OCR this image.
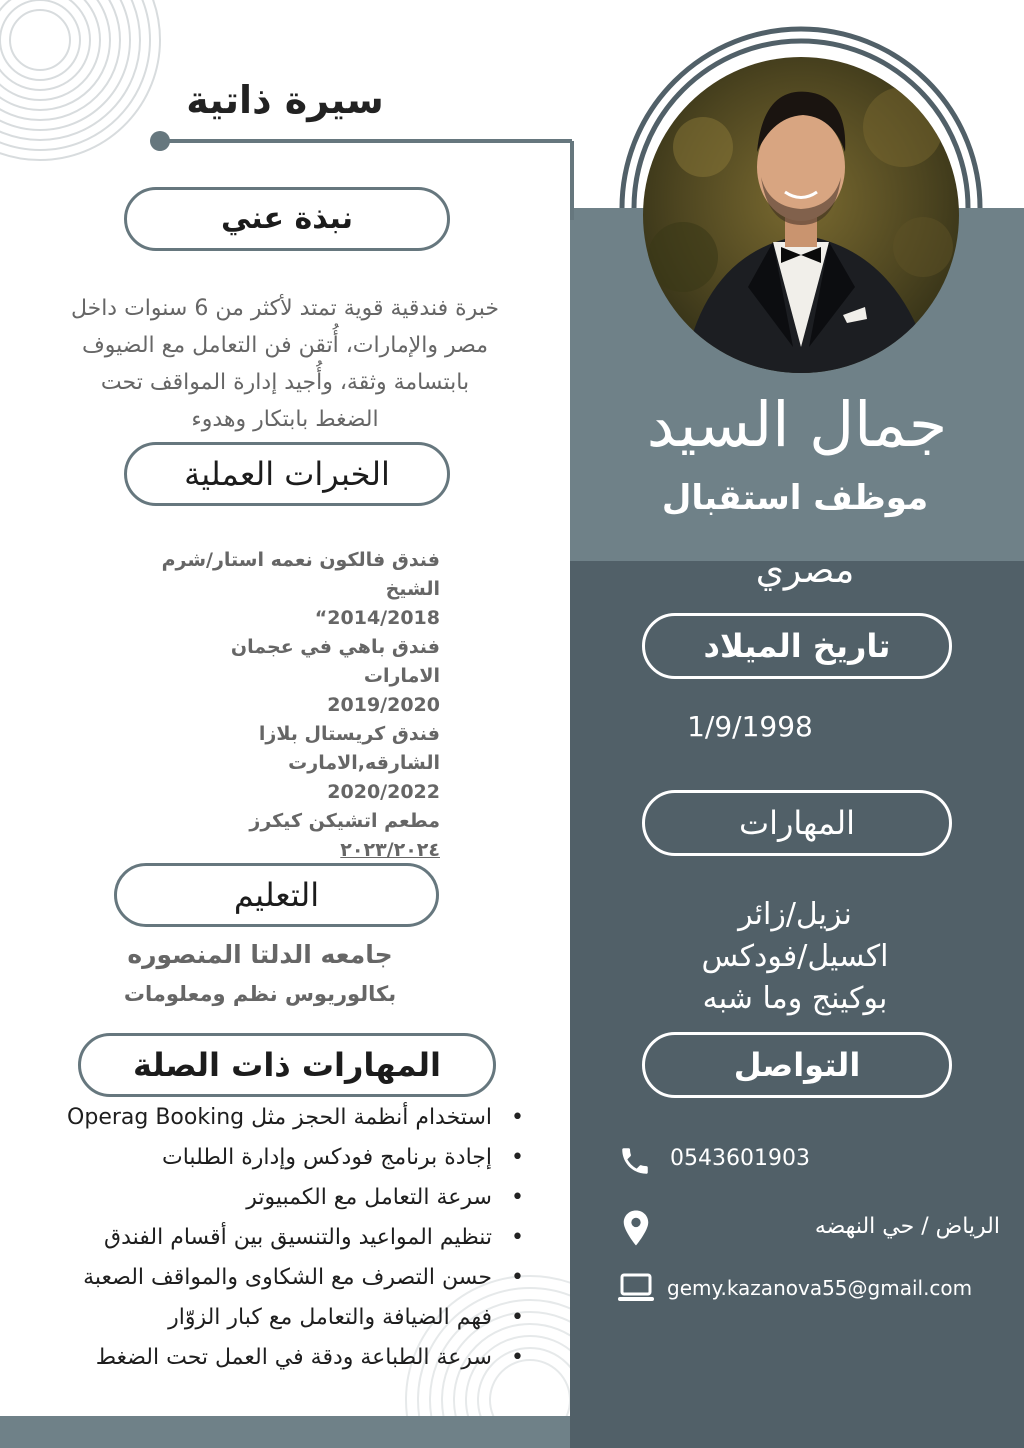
سيرة ذاتية
نبذة عني
خبرة فندقية قوية تمتد لأكثر من 6 سنوات داخل
مصر والإمارات، أُتقن فن التعامل مع الضيوف
بابتسامة وثقة، وأُجيد إدارة المواقف تحت
الضغط بابتكار وهدوء
الخبرات العملية
فندق فالكون نعمه استار/شرم
الشيخ
2014/2018“
فندق باهي في عجمان الامارات
2019/2020
فندق كريستال بلازا
الشارقه,الامارت
2020/2022
مطعم اتشيكن كيكرز
٢٠٢٣/٢٠٢٤
التعليم
جامعه الدلتا المنصوره
بكالوريوس نظم ومعلومات
المهارات ذات الصلة
• استخدام أنظمة الحجز مثل Operag Booking
• إجادة برنامج فودكس وإدارة الطلبات
• سرعة التعامل مع الكمبيوتر
• تنظيم المواعيد والتنسيق بين أقسام الفندق
• حسن التصرف مع الشكاوى والمواقف الصعبة
• فهم الضيافة والتعامل مع كبار الزوّار
• سرعة الطباعة ودقة في العمل تحت الضغط
جمال السيد
موظف استقبال
مصري
تاريخ الميلاد
1/9/1998
المهارات
نزيل/زائر
اكسيل/فودكس
بوكينج وما شبه
التواصل
0543601903
الرياض / حي النهضه
gemy.kazanova55@gmail.com
